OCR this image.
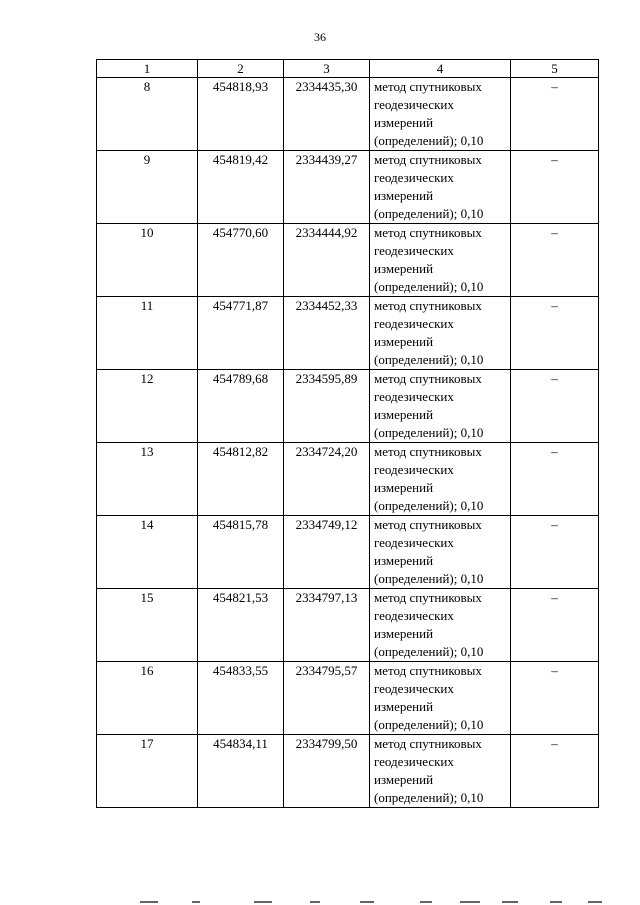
36
1	2	3	4	5
8	454818,93	2334435,30	метод спутниковых
геодезических
измерений
(определений); 0,10	–
9	454819,42	2334439,27	метод спутниковых
геодезических
измерений
(определений); 0,10	–
10	454770,60	2334444,92	метод спутниковых
геодезических
измерений
(определений); 0,10	–
11	454771,87	2334452,33	метод спутниковых
геодезических
измерений
(определений); 0,10	–
12	454789,68	2334595,89	метод спутниковых
геодезических
измерений
(определений); 0,10	–
13	454812,82	2334724,20	метод спутниковых
геодезических
измерений
(определений); 0,10	–
14	454815,78	2334749,12	метод спутниковых
геодезических
измерений
(определений); 0,10	–
15	454821,53	2334797,13	метод спутниковых
геодезических
измерений
(определений); 0,10	–
16	454833,55	2334795,57	метод спутниковых
геодезических
измерений
(определений); 0,10	–
17	454834,11	2334799,50	метод спутниковых
геодезических
измерений
(определений); 0,10	–
